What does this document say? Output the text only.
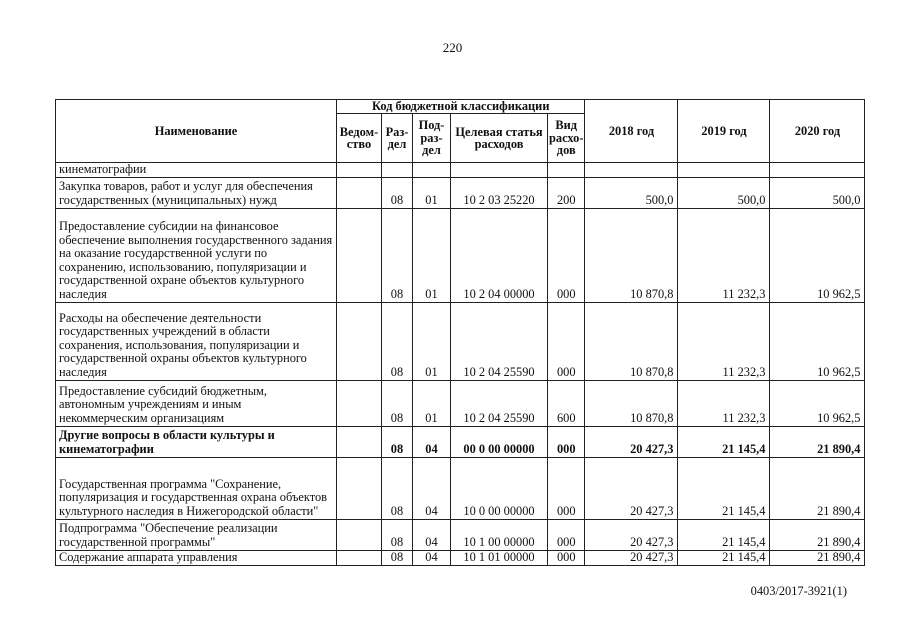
220
Наименование	Код бюджетной классификации					2018 год	2019 год	2020 год
	Ведом-ство	Раз-дел	Под-раз-дел	Целевая статья расходов	Вид расхо-дов			
кинематографии								
Закупка товаров, работ и услуг для обеспечения государственных (муниципальных) нужд		08	01	10 2 03 25220	200	500,0	500,0	500,0
Предоставление субсидии на финансовое обеспечение выполнения государственного задания на оказание государственной услуги по сохранению, использованию, популяризации и государственной охране объектов культурного наследия		08	01	10 2 04 00000	000	10 870,8	11 232,3	10 962,5
Расходы на обеспечение деятельности государственных учреждений в области сохранения, использования, популяризации и государственной охраны объектов культурного наследия		08	01	10 2 04 25590	000	10 870,8	11 232,3	10 962,5
Предоставление субсидий бюджетным, автономным учреждениям и иным некоммерческим организациям		08	01	10 2 04 25590	600	10 870,8	11 232,3	10 962,5
Другие вопросы в области культуры и кинематографии		08	04	00 0 00 00000	000	20 427,3	21 145,4	21 890,4
Государственная программа "Сохранение, популяризация и государственная охрана объектов культурного наследия в Нижегородской области"		08	04	10 0 00 00000	000	20 427,3	21 145,4	21 890,4
Подпрограмма "Обеспечение реализации государственной программы"		08	04	10 1 00 00000	000	20 427,3	21 145,4	21 890,4
Содержание аппарата управления		08	04	10 1 01 00000	000	20 427,3	21 145,4	21 890,4
0403/2017-3921(1)
